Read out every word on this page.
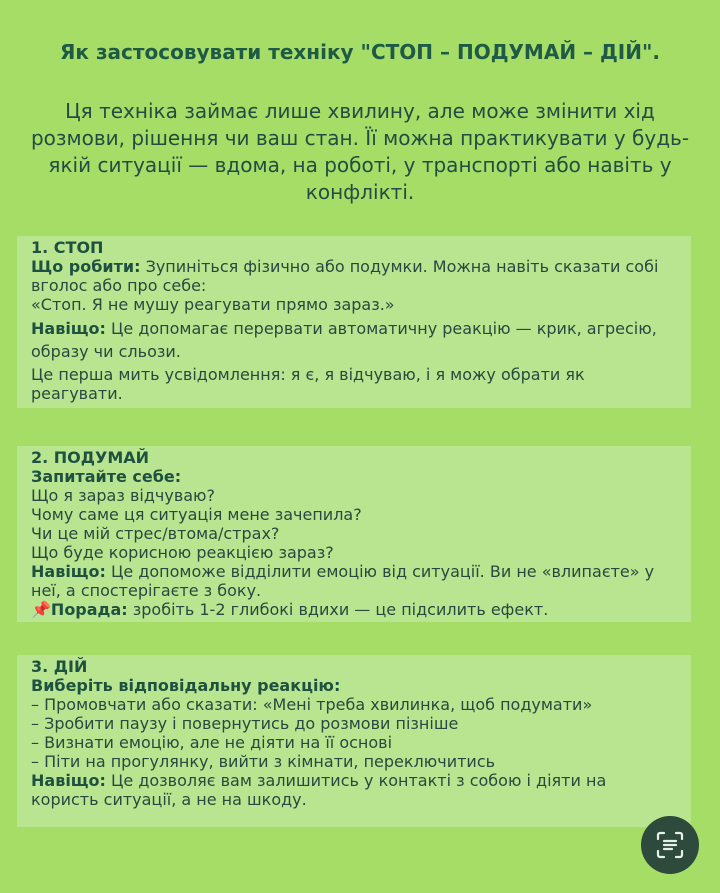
Як застосовувати техніку "СТОП – ПОДУМАЙ – ДІЙ".
Ця техніка займає лише хвилину, але може змінити хід розмови, рішення чи ваш стан. Її можна практикувати у будь-якій ситуації — вдома, на роботі, у транспорті або навіть у конфлікті.
1. СТОП
Що робити: Зупиніться фізично або подумки. Можна навіть сказати собі вголос або про себе:
«Стоп. Я не мушу реагувати прямо зараз.»
Навіщо: Це допомагає перервати автоматичну реакцію — крик, агресію, образу чи сльози.
Це перша мить усвідомлення: я є, я відчуваю, і я можу обрати як реагувати.
2. ПОДУМАЙ
Запитайте себе:
Що я зараз відчуваю?
Чому саме ця ситуація мене зачепила?
Чи це мій стрес/втома/страх?
Що буде корисною реакцією зараз?
Навіщо: Це допоможе відділити емоцію від ситуації. Ви не «влипаєте» у неї, а спостерігаєте з боку.
📌Порада: зробіть 1-2 глибокі вдихи — це підсилить ефект.
3. ДІЙ
Виберіть відповідальну реакцію:
– Промовчати або сказати: «Мені треба хвилинка, щоб подумати»
– Зробити паузу і повернутись до розмови пізніше
– Визнати емоцію, але не діяти на її основі
– Піти на прогулянку, вийти з кімнати, переключитись
Навіщо: Це дозволяє вам залишитись у контакті з собою і діяти на користь ситуації, а не на шкоду.
